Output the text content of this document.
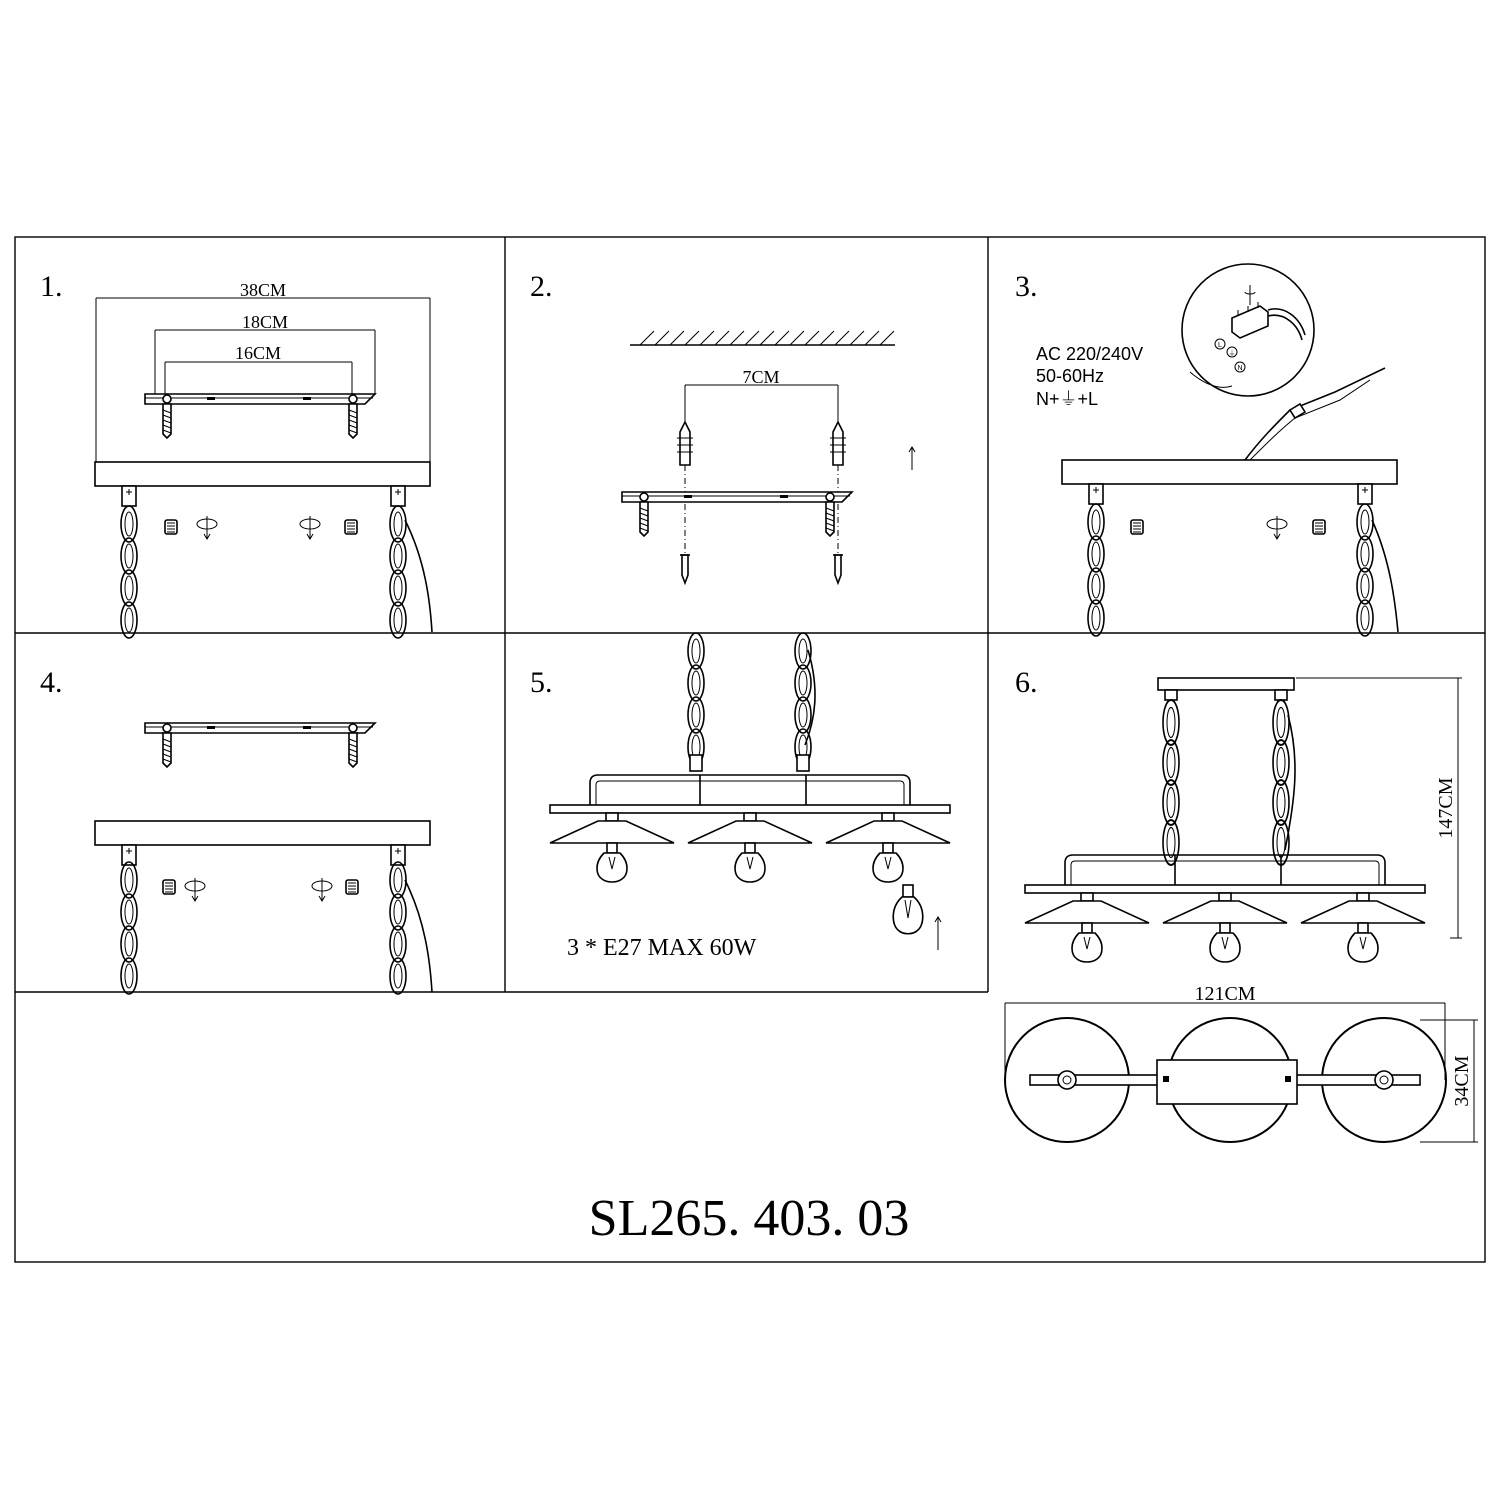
1.	2.	3.
4.	5.	6.
38CM
18CM
16CM
7CM
AC 220/240V
50-60Hz
N+⏚+L
L
⏚
N
3 * E27 MAX 60W
147CM
121CM
34CM
SL265. 403. 03
